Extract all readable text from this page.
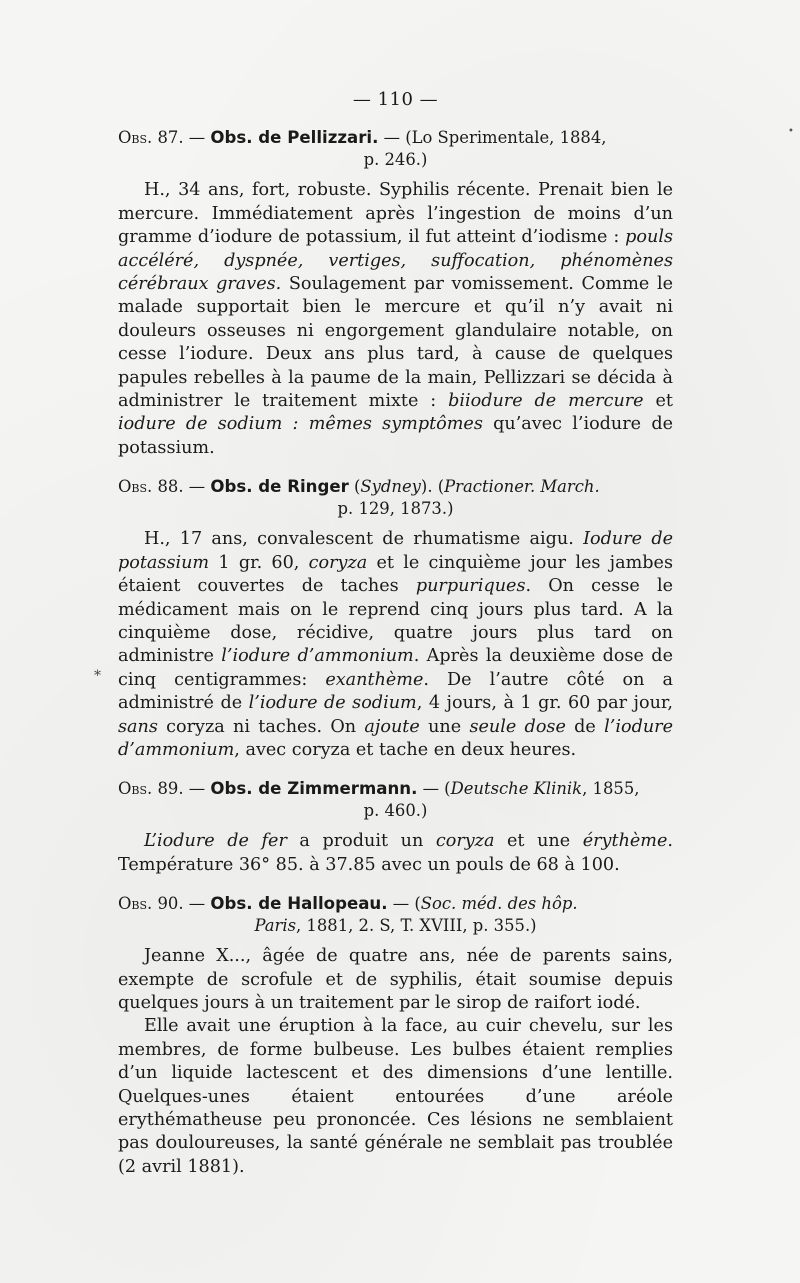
•
*
— 110 —

Obs. 87. — Obs. de Pellizzari. — (Lo Sperimentale, 1884,
p. 246.)

H., 34 ans, fort, robuste. Syphilis récente. Prenait bien le mercure. Immédiatement après l’ingestion de moins d’un gramme d’iodure de potassium, il fut atteint d’iodisme : pouls accéléré, dyspnée, vertiges, suffocation, phénomènes cérébraux graves. Soulagement par vomissement. Comme le malade supportait bien le mercure et qu’il n’y avait ni douleurs osseuses ni engorgement glandulaire notable, on cesse l’iodure. Deux ans plus tard, à cause de quelques papules rebelles à la paume de la main, Pellizzari se décida à administrer le traitement mixte : biiodure de mercure et iodure de sodium : mêmes symptômes qu’avec l’iodure de potassium.

Obs. 88. — Obs. de Ringer (Sydney). (Practioner. March.
p. 129, 1873.)

H., 17 ans, convalescent de rhumatisme aigu. Iodure de potassium 1 gr. 60, coryza et le cinquième jour les jambes étaient couvertes de taches purpuriques. On cesse le médicament mais on le reprend cinq jours plus tard. A la cinquième dose, récidive, quatre jours plus tard on administre l’iodure d’ammonium. Après la deuxième dose de cinq centigrammes: exanthème. De l’autre côté on a administré de l’iodure de sodium, 4 jours, à 1 gr. 60 par jour, sans coryza ni taches. On ajoute une seule dose de l’iodure d’ammonium, avec coryza et tache en deux heures.

Obs. 89. — Obs. de Zimmermann. — (Deutsche Klinik, 1855,
p. 460.)

L’iodure de fer a produit un coryza et une érythème. Température 36° 85. à 37.85 avec un pouls de 68 à 100.

Obs. 90. — Obs. de Hallopeau. — (Soc. méd. des hôp.
Paris, 1881, 2. S, T. XVIII, p. 355.)

Jeanne X..., âgée de quatre ans, née de parents sains, exempte de scrofule et de syphilis, était soumise depuis quelques jours à un traitement par le sirop de raifort iodé.

Elle avait une éruption à la face, au cuir chevelu, sur les membres, de forme bulbeuse. Les bulbes étaient remplies d’un liquide lactescent et des dimensions d’une lentille. Quelques-unes étaient entourées d’une aréole erythématheuse peu prononcée. Ces lésions ne semblaient pas douloureuses, la santé générale ne semblait pas troublée (2 avril 1881).
